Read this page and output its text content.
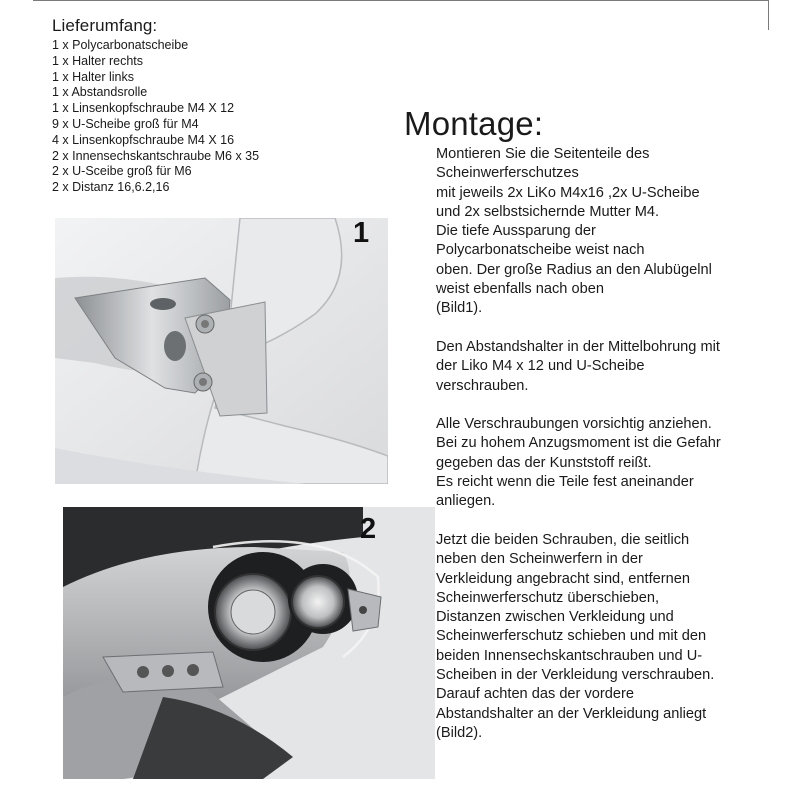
Lieferumfang:
1 x Polycarbonatscheibe
1 x Halter rechts
1 x Halter links
1 x Abstandsrolle
1 x Linsenkopfschraube M4 X 12
9 x U-Scheibe groß für M4
4 x Linsenkopfschraube M4 X 16
2 x Innensechskantschraube M6 x 35
2 x U-Sceibe groß für M6
2 x Distanz 16,6.2,16
1
2
Montage:

Montieren Sie die Seitenteile des
Scheinwerferschutzes
mit jeweils 2x LiKo M4x16 ,2x U-Scheibe
und 2x selbstsichernde Mutter M4.
Die tiefe Aussparung der
Polycarbonatscheibe weist nach
oben. Der große Radius an den Alubügelnl
weist ebenfalls nach oben
(Bild1).

Den Abstandshalter in der Mittelbohrung mit
der Liko M4 x 12 und U-Scheibe
verschrauben.

Alle Verschraubungen vorsichtig anziehen.
Bei zu hohem Anzugsmoment ist die Gefahr
gegeben das der Kunststoff reißt.
Es reicht wenn die Teile fest aneinander
anliegen.

Jetzt die beiden Schrauben, die seitlich
neben den Scheinwerfern in der
Verkleidung angebracht sind, entfernen
Scheinwerferschutz überschieben,
Distanzen zwischen Verkleidung und
Scheinwerferschutz schieben und mit den
beiden Innensechskantschrauben und U-
Scheiben in der Verkleidung verschrauben.
Darauf achten das der vordere
Abstandshalter an der Verkleidung anliegt
(Bild2).
